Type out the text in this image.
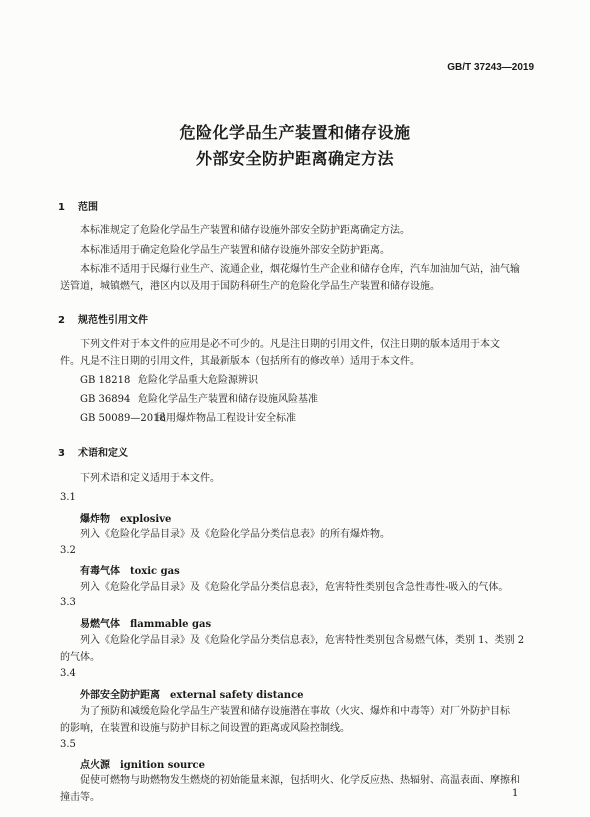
GB/T 37243—2019
危险化学品生产装置和储存设施
外部安全防护距离确定方法
1 范围
本标准规定了危险化学品生产装置和储存设施外部安全防护距离确定方法。
本标准适用于确定危险化学品生产装置和储存设施外部安全防护距离。
本标准不适用于民爆行业生产、流通企业，烟花爆竹生产企业和储存仓库，汽车加油加气站，油气输
送管道，城镇燃气，港区内以及用于国防科研生产的危险化学品生产装置和储存设施。
2 规范性引用文件
下列文件对于本文件的应用是必不可少的。凡是注日期的引用文件，仅注日期的版本适用于本文
件。凡是不注日期的引用文件，其最新版本（包括所有的修改单）适用于本文件。
GB 18218 危险化学品重大危险源辨识
GB 36894 危险化学品生产装置和储存设施风险基准
GB 50089—2018民用爆炸物品工程设计安全标准
3 术语和定义
下列术语和定义适用于本文件。
3.1
爆炸物 explosive
列入《危险化学品目录》及《危险化学品分类信息表》的所有爆炸物。
3.2
有毒气体 toxic gas
列入《危险化学品目录》及《危险化学品分类信息表》，危害特性类别包含急性毒性-吸入的气体。
3.3
易燃气体 flammable gas
列入《危险化学品目录》及《危险化学品分类信息表》，危害特性类别包含易燃气体，类别 1、类别 2
的气体。
3.4
外部安全防护距离 external safety distance
为了预防和减缓危险化学品生产装置和储存设施潜在事故（火灾、爆炸和中毒等）对厂外防护目标
的影响，在装置和设施与防护目标之间设置的距离或风险控制线。
3.5
点火源 ignition source
促使可燃物与助燃物发生燃烧的初始能量来源，包括明火、化学反应热、热辐射、高温表面、摩擦和
撞击等。	1
